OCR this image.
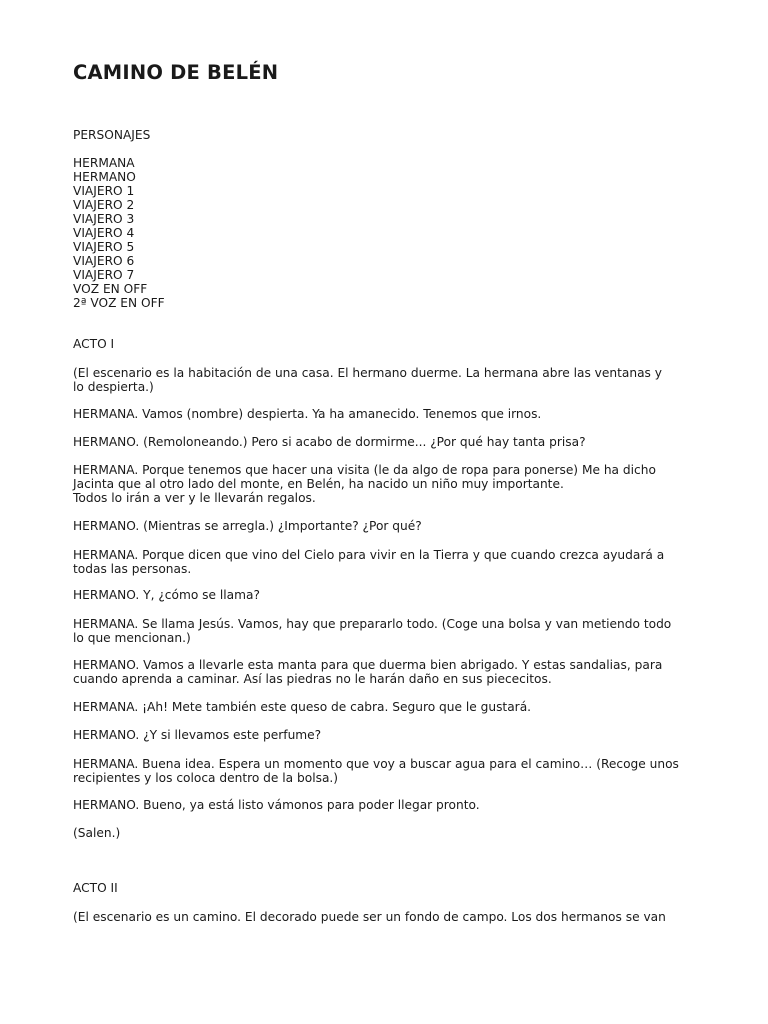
CAMINO DE BELÉN
PERSONAJES
HERMANA
HERMANO
VIAJERO 1
VIAJERO 2
VIAJERO 3
VIAJERO 4
VIAJERO 5
VIAJERO 6
VIAJERO 7
VOZ EN OFF
2ª VOZ EN OFF
ACTO I
(El escenario es la habitación de una casa. El hermano duerme. La hermana abre las ventanas y
lo despierta.)
HERMANA. Vamos (nombre) despierta. Ya ha amanecido. Tenemos que irnos.
HERMANO. (Remoloneando.) Pero si acabo de dormirme... ¿Por qué hay tanta prisa?
HERMANA. Porque tenemos que hacer una visita (le da algo de ropa para ponerse) Me ha dicho
Jacinta que al otro lado del monte, en Belén, ha nacido un niño muy importante.
Todos lo irán a ver y le llevarán regalos.
HERMANO. (Mientras se arregla.) ¿Importante? ¿Por qué?
HERMANA. Porque dicen que vino del Cielo para vivir en la Tierra y que cuando crezca ayudará a
todas las personas.
HERMANO. Y, ¿cómo se llama?
HERMANA. Se llama Jesús. Vamos, hay que prepararlo todo. (Coge una bolsa y van metiendo todo
lo que mencionan.)
HERMANO. Vamos a llevarle esta manta para que duerma bien abrigado. Y estas sandalias, para
cuando aprenda a caminar. Así las piedras no le harán daño en sus piececitos.
HERMANA. ¡Ah! Mete también este queso de cabra. Seguro que le gustará.
HERMANO. ¿Y si llevamos este perfume?
HERMANA. Buena idea. Espera un momento que voy a buscar agua para el camino… (Recoge unos
recipientes y los coloca dentro de la bolsa.)
HERMANO. Bueno, ya está listo vámonos para poder llegar pronto.
(Salen.)
ACTO II
(El escenario es un camino. El decorado puede ser un fondo de campo. Los dos hermanos se van
